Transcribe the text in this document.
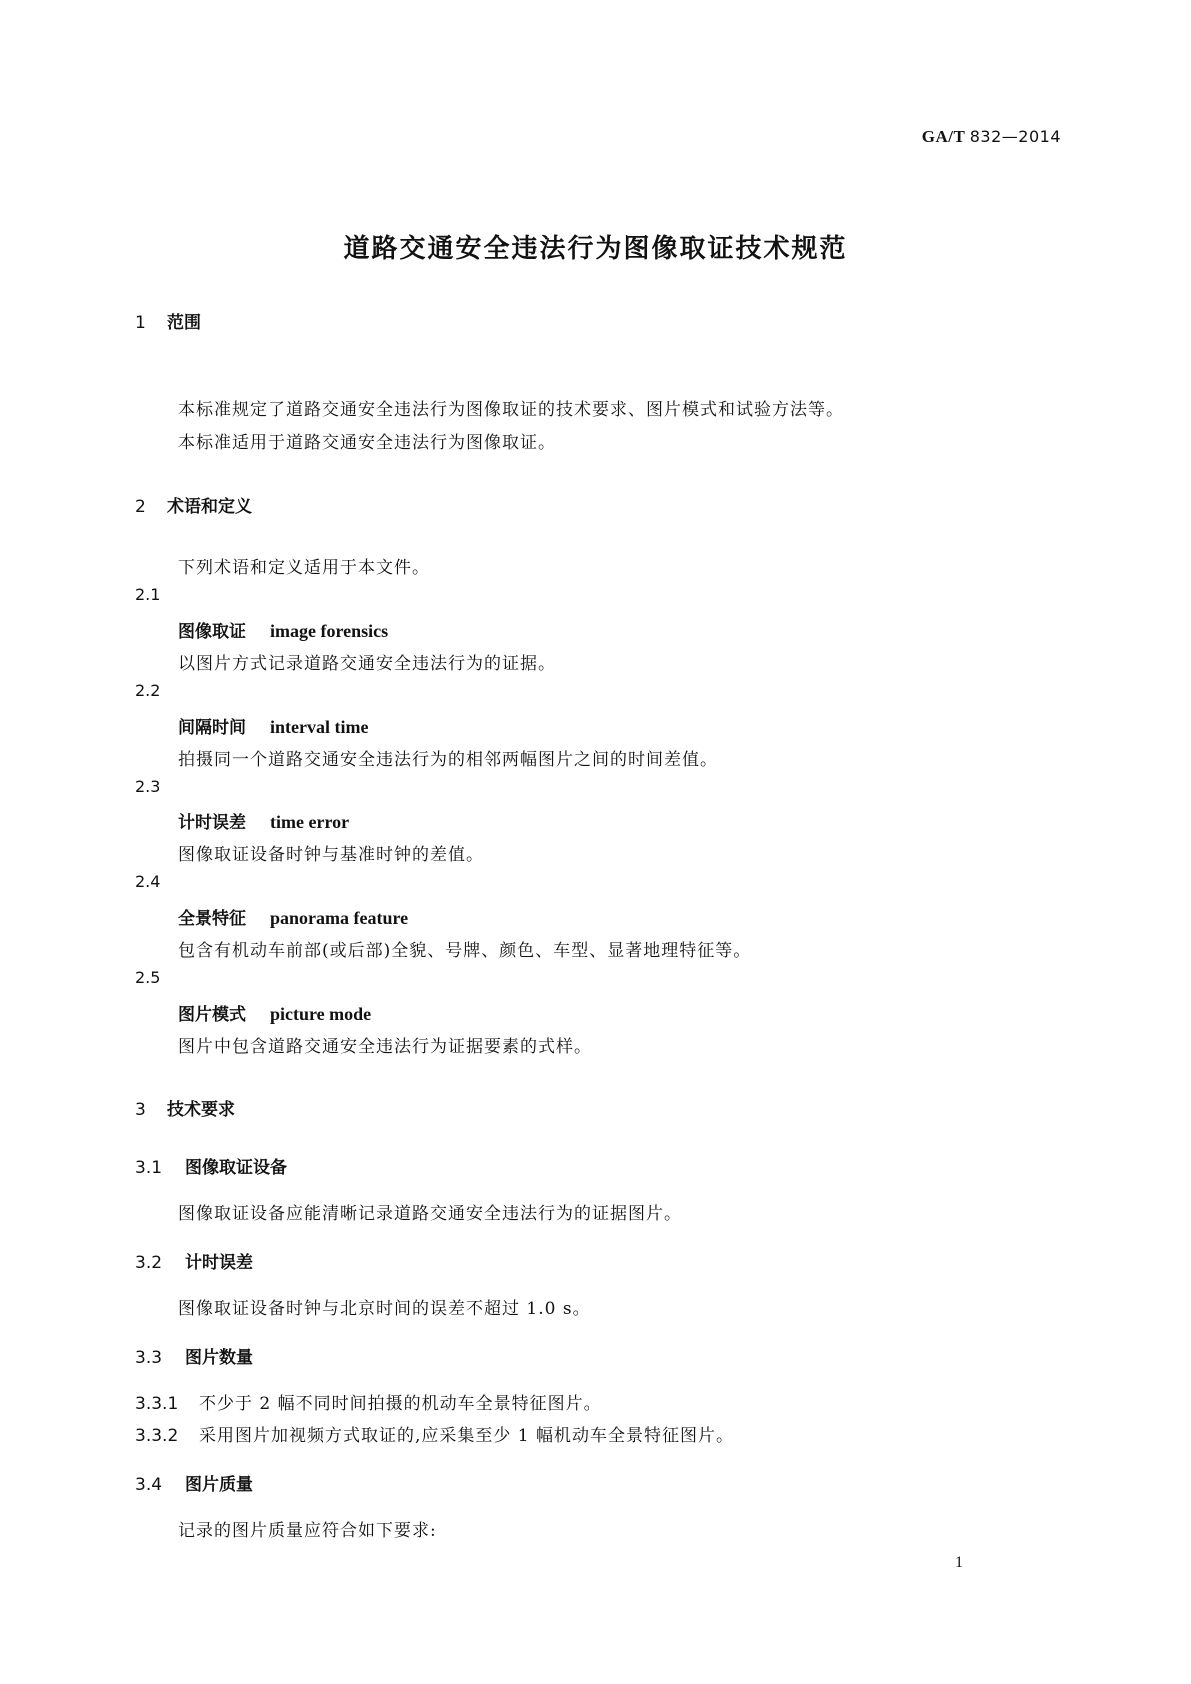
GA/T 832—2014
道路交通安全违法行为图像取证技术规范
1 范围
本标准规定了道路交通安全违法行为图像取证的技术要求、图片模式和试验方法等。
本标准适用于道路交通安全违法行为图像取证。
2 术语和定义
下列术语和定义适用于本文件。
2.1
图像取证 image forensics
以图片方式记录道路交通安全违法行为的证据。
2.2
间隔时间 interval time
拍摄同一个道路交通安全违法行为的相邻两幅图片之间的时间差值。
2.3
计时误差 time error
图像取证设备时钟与基准时钟的差值。
2.4
全景特征 panorama feature
包含有机动车前部(或后部)全貌、号牌、颜色、车型、显著地理特征等。
2.5
图片模式 picture mode
图片中包含道路交通安全违法行为证据要素的式样。
3 技术要求
3.1 图像取证设备
图像取证设备应能清晰记录道路交通安全违法行为的证据图片。
3.2 计时误差
图像取证设备时钟与北京时间的误差不超过 1.0 s。
3.3 图片数量
3.3.1 不少于 2 幅不同时间拍摄的机动车全景特征图片。
3.3.2 采用图片加视频方式取证的,应采集至少 1 幅机动车全景特征图片。
3.4 图片质量
记录的图片质量应符合如下要求:
1
